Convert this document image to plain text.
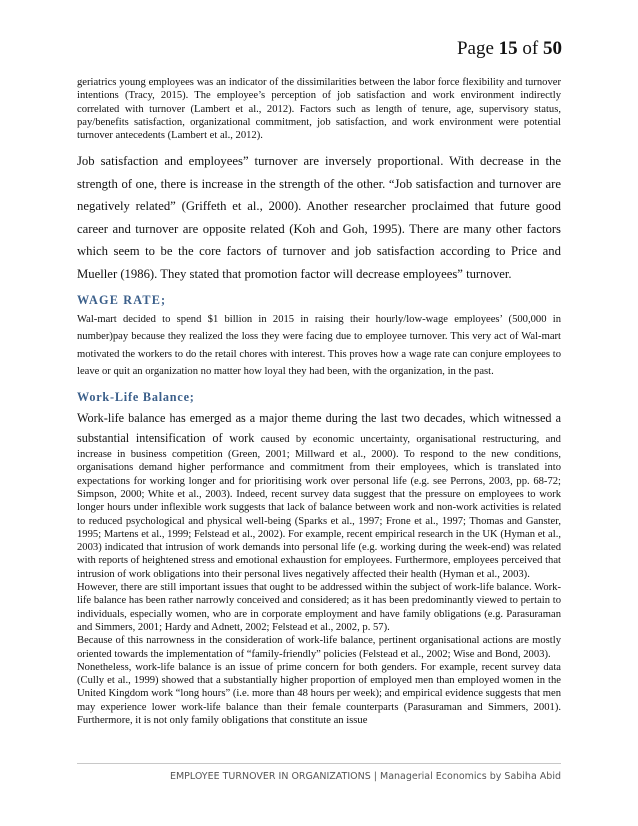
Page 15 of 50

geriatrics young employees was an indicator of the dissimilarities between the labor force flexibility and turnover intentions (Tracy, 2015). The employee’s perception of job satisfaction and work environment indirectly correlated with turnover (Lambert et al., 2012). Factors such as length of tenure, age, supervisory status, pay/benefits satisfaction, organizational commitment, job satisfaction, and work environment were potential turnover antecedents (Lambert et al., 2012).

Job satisfaction and employees” turnover are inversely proportional. With decrease in the strength of one, there is increase in the strength of the other. “Job satisfaction and turnover are negatively related” (Griffeth et al., 2000). Another researcher proclaimed that future good career and turnover are opposite related (Koh and Goh, 1995). There are many other factors which seem to be the core factors of turnover and job satisfaction according to Price and Mueller (1986). They stated that promotion factor will decrease employees” turnover.

WAGE RATE;

Wal-mart decided to spend $1 billion in 2015 in raising their hourly/low-wage employees’ (500,000 in number)pay because they realized the loss they were facing due to employee turnover. This very act of Wal-mart motivated the workers to do the retail chores with interest. This proves how a wage rate can conjure employees to leave or quit an organization no matter how loyal they had been, with the organization, in the past.

Work-Life Balance;

Work-life balance has emerged as a major theme during the last two decades, which witnessed a substantial intensification of work caused by economic uncertainty, organisational restructuring, and increase in business competition (Green, 2001; Millward et al., 2000). To respond to the new conditions, organisations demand higher performance and commitment from their employees, which is translated into expectations for working longer and for prioritising work over personal life (e.g. see Perrons, 2003, pp. 68-72; Simpson, 2000; White et al., 2003). Indeed, recent survey data suggest that the pressure on employees to work longer hours under inflexible work suggests that lack of balance between work and non-work activities is related to reduced psychological and physical well-being (Sparks et al., 1997; Frone et al., 1997; Thomas and Ganster, 1995; Martens et al., 1999; Felstead et al., 2002). For example, recent empirical research in the UK (Hyman et al., 2003) indicated that intrusion of work demands into personal life (e.g. working during the week-end) was related with reports of heightened stress and emotional exhaustion for employees. Furthermore, employees perceived that intrusion of work obligations into their personal lives negatively affected their health (Hyman et al., 2003).

However, there are still important issues that ought to be addressed within the subject of work-life balance. Work-life balance has been rather narrowly conceived and considered; as it has been predominantly viewed to pertain to individuals, especially women, who are in corporate employment and have family obligations (e.g. Parasuraman and Simmers, 2001; Hardy and Adnett, 2002; Felstead et al., 2002, p. 57).

Because of this narrowness in the consideration of work-life balance, pertinent organisational actions are mostly oriented towards the implementation of “family-friendly” policies (Felstead et al., 2002; Wise and Bond, 2003).

Nonetheless, work-life balance is an issue of prime concern for both genders. For example, recent survey data (Cully et al., 1999) showed that a substantially higher proportion of employed men than employed women in the United Kingdom work “long hours” (i.e. more than 48 hours per week); and empirical evidence suggests that men may experience lower work-life balance than their female counterparts (Parasuraman and Simmers, 2001). Furthermore, it is not only family obligations that constitute an issue

EMPLOYEE TURNOVER IN ORGANIZATIONS | Managerial Economics by Sabiha Abid
